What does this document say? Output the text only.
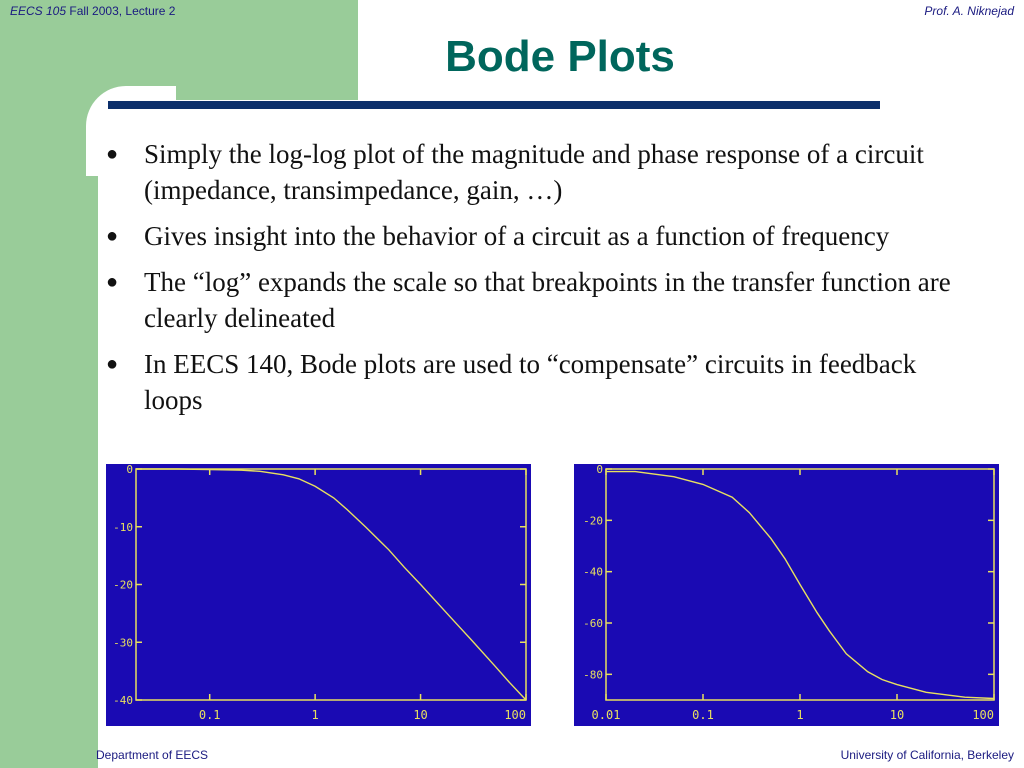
EECS 105 Fall 2003, Lecture 2	Prof. A. Niknejad
Bode Plots
● Simply the log-log plot of the magnitude and phase response of a circuit (impedance, transimpedance, gain, …)
● Gives insight into the behavior of a circuit as a function of frequency
● The “log” expands the scale so that breakpoints in the transfer function are clearly delineated
● In EECS 140, Bode plots are used to “compensate” circuits in feedback loops
0
-10
-20
-30
-40
0.1	1	10	100
0
-20
-40
-60
-80
0.01	0.1	1	10	100
Department of EECS	University of California, Berkeley
